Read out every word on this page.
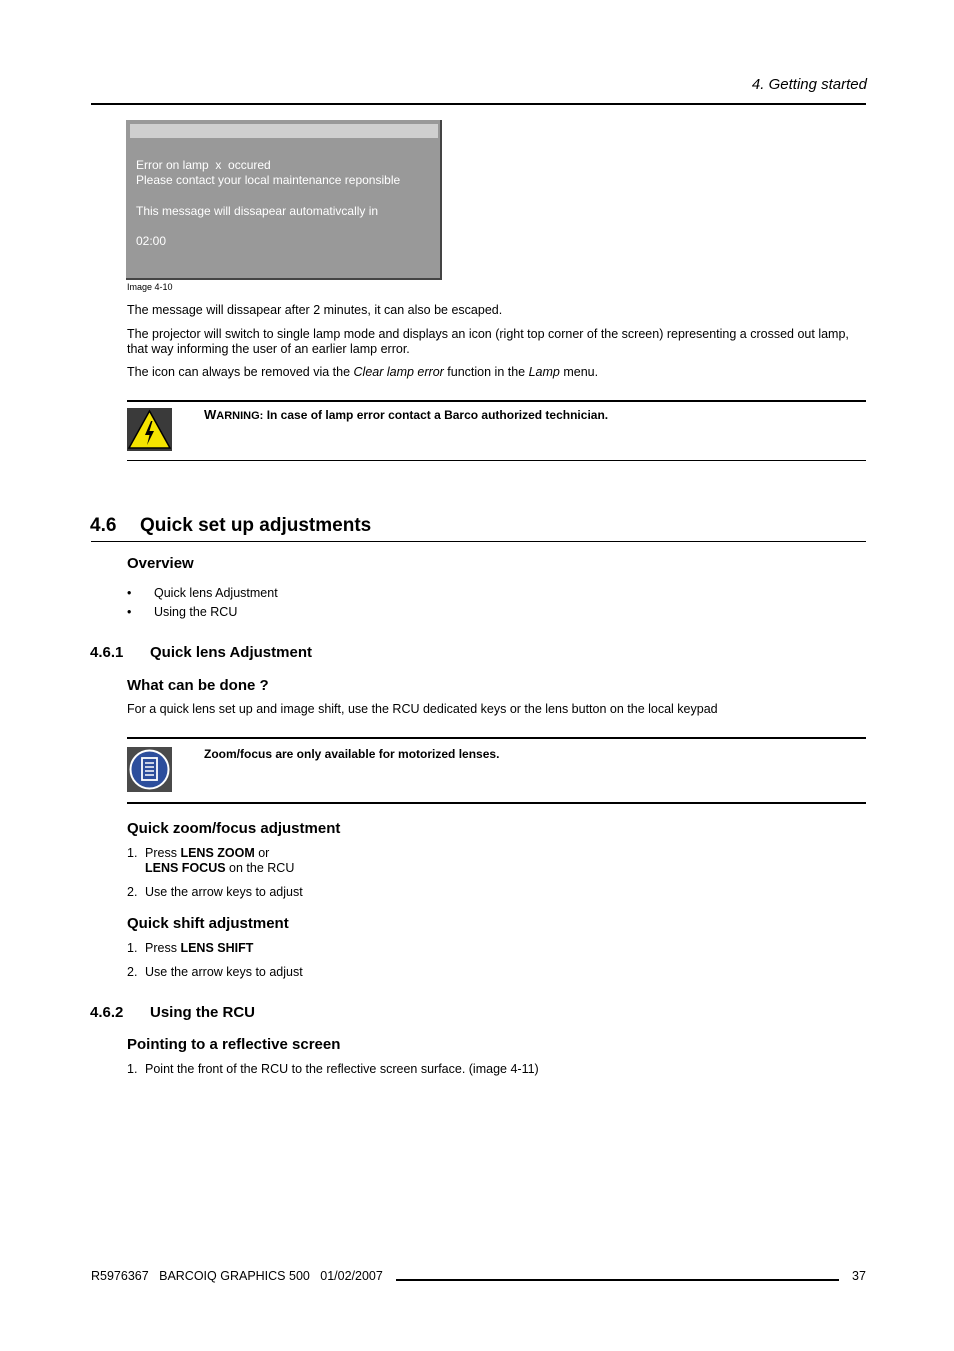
4. Getting started
Error on lamp  x  occured
Please contact your local maintenance reponsible
This message will dissapear automativcally in
02:00
Image 4-10

The message will dissapear after 2 minutes, it can also be escaped.

The projector will switch to single lamp mode and displays an icon (right top corner of the screen) representing a crossed out lamp, that way informing the user of an earlier lamp error.

The icon can always be removed via the Clear lamp error function in the Lamp menu.

WARNING: In case of lamp error contact a Barco authorized technician.
4.6 Quick set up adjustments
Overview
• Quick lens Adjustment
• Using the RCU
4.6.1 Quick lens Adjustment
What can be done ?

For a quick lens set up and image shift, use the RCU dedicated keys or the lens button on the local keypad

Zoom/focus are only available for motorized lenses.
Quick zoom/focus adjustment
1. Press LENS ZOOM or
LENS FOCUS on the RCU
2. Use the arrow keys to adjust
Quick shift adjustment
1. Press LENS SHIFT
2. Use the arrow keys to adjust
4.6.2 Using the RCU
Pointing to a reflective screen
1. Point the front of the RCU to the reflective screen surface. (image 4-11)
R5976367   BARCOIQ GRAPHICS 500   01/02/2007	37
